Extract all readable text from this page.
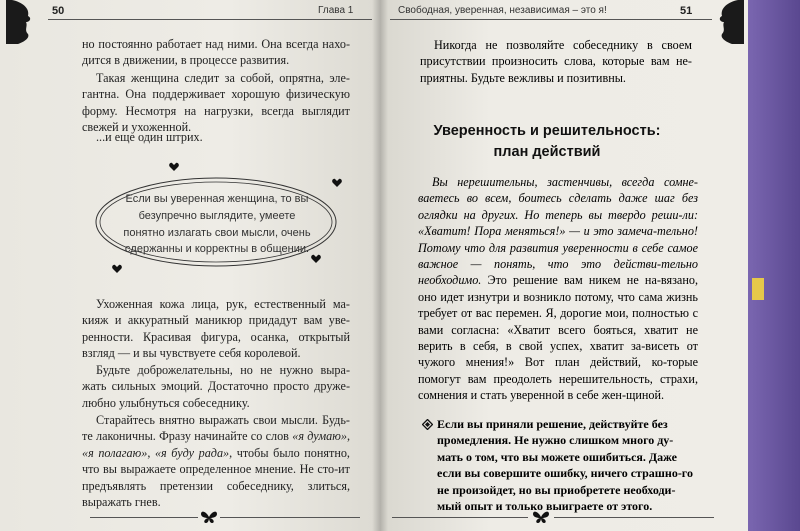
50	Глава 1

но постоянно работает над ними. Она всегда нахо-дится в движении, в процессе развития.

Такая женщина следит за собой, опрятна, эле-гантна. Она поддерживает хорошую физическую форму. Несмотря на нагрузки, всегда выглядит свежей и ухоженной.

...и еще один штрих.

Если вы уверенная женщина, то вы безупречно выглядите, умеете понятно излагать свои мысли, очень сдержанны и корректны в общении.

Ухоженная кожа лица, рук, естественный ма-кияж и аккуратный маникюр придадут вам уве-ренности. Красивая фигура, осанка, открытый взгляд — и вы чувствуете себя королевой.

Будьте доброжелательны, но не нужно выра-жать сильных эмоций. Достаточно просто друже-любно улыбнуться собеседнику.

Старайтесь внятно выражать свои мысли. Будь-те лаконичны. Фразу начинайте со слов «я думаю», «я полагаю», «я буду рада», чтобы было понятно, что вы выражаете определенное мнение. Не сто-ит предъявлять претензии собеседнику, злиться, выражать гнев.

Свободная, уверенная, независимая – это я!	51

Никогда не позволяйте собеседнику в своем присутствии произносить слова, которые вам не-приятны. Будьте вежливы и позитивны.

Уверенность и решительность: план действий

Вы нерешительны, застенчивы, всегда сомне-ваетесь во всем, боитесь сделать даже шаг без оглядки на других. Но теперь вы твердо реши-ли: «Хватит! Пора меняться!» — и это замеча-тельно! Потому что для развития уверенности в себе самое важное — понять, что это действи-тельно необходимо. Это решение вам никем не на-вязано, оно идет изнутри и возникло потому, что сама жизнь требует от вас перемен. Я, дорогие мои, полностью с вами согласна: «Хватит всего бояться, хватит не верить в себя, в свой успех, хватит за-висеть от чужого мнения!» Вот план действий, ко-торые помогут вам преодолеть нерешительность, страхи, сомнения и стать уверенной в себе жен-щиной.

Если вы приняли решение, действуйте без промедления. Не нужно слишком много ду-мать о том, что вы можете ошибиться. Даже если вы совершите ошибку, ничего страшно-го не произойдет, но вы приобретете необходи-мый опыт и только выиграете от этого.
